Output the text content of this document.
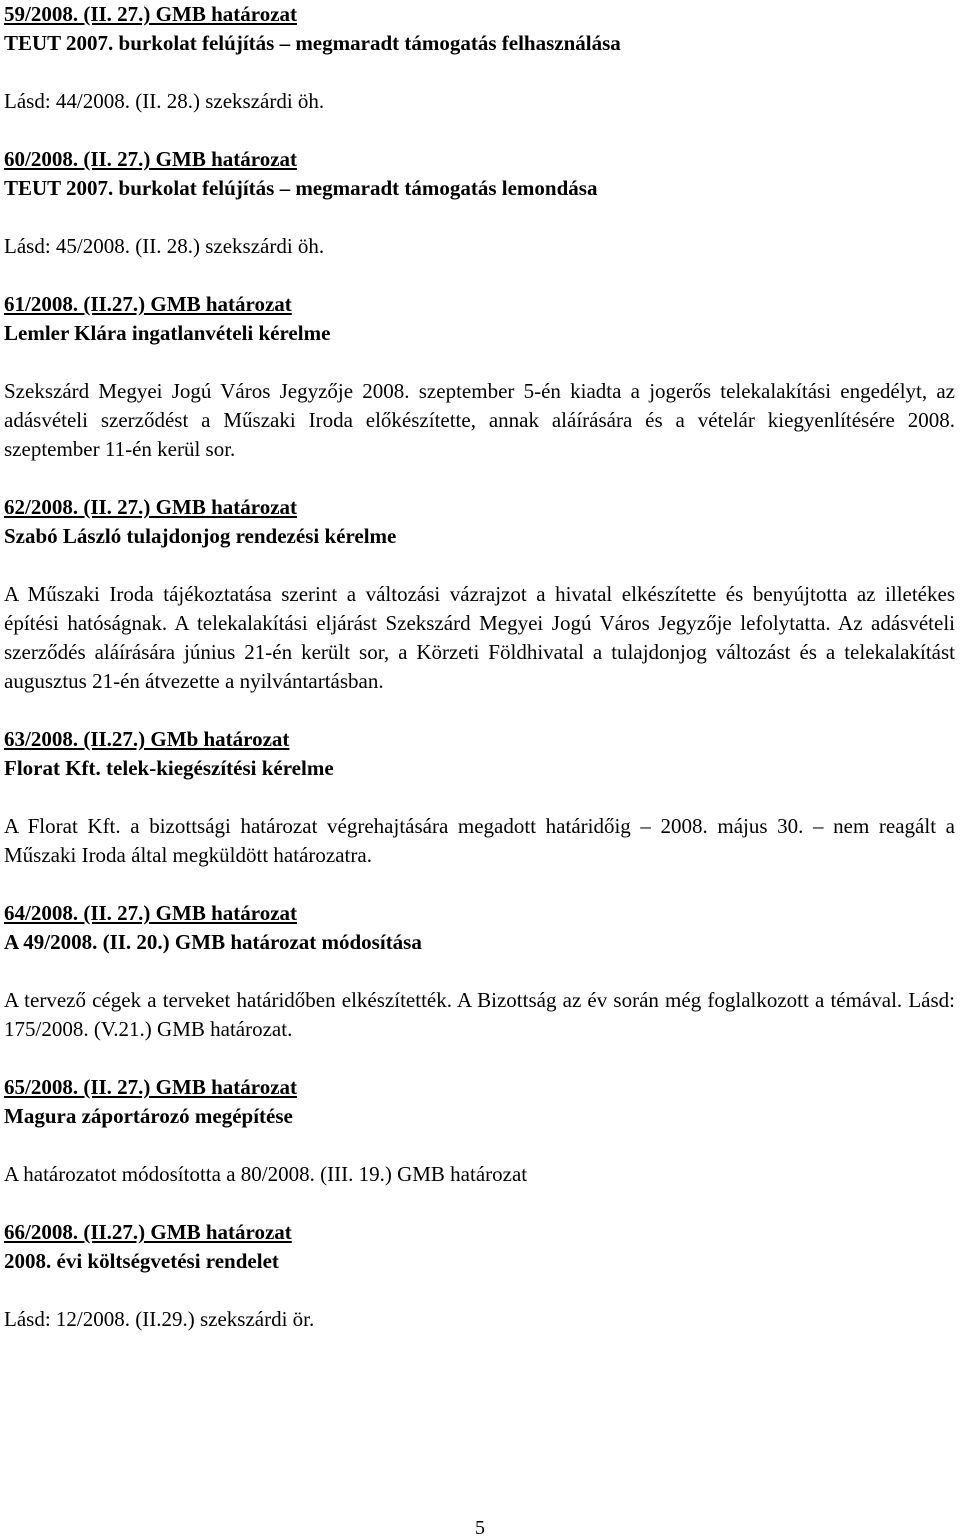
59/2008. (II. 27.) GMB határozat
TEUT 2007. burkolat felújítás – megmaradt támogatás felhasználása
Lásd: 44/2008. (II. 28.) szekszárdi öh.
60/2008. (II. 27.) GMB határozat
TEUT 2007. burkolat felújítás – megmaradt támogatás lemondása
Lásd: 45/2008. (II. 28.) szekszárdi öh.
61/2008. (II.27.) GMB határozat
Lemler Klára ingatlanvételi kérelme
Szekszárd Megyei Jogú Város Jegyzője 2008. szeptember 5-én kiadta a jogerős telekalakítási engedélyt, az adásvételi szerződést a Műszaki Iroda előkészítette, annak aláírására és a vételár kiegyenlítésére 2008. szeptember 11-én kerül sor.
62/2008. (II. 27.) GMB határozat
Szabó László tulajdonjog rendezési kérelme
A Műszaki Iroda tájékoztatása szerint a változási vázrajzot a hivatal elkészítette és benyújtotta az illetékes építési hatóságnak. A telekalakítási eljárást Szekszárd Megyei Jogú Város Jegyzője lefolytatta. Az adásvételi szerződés aláírására június 21-én került sor, a Körzeti Földhivatal a tulajdonjog változást és a telekalakítást augusztus 21-én átvezette a nyilvántartásban.
63/2008. (II.27.) GMb határozat
Florat Kft. telek-kiegészítési kérelme
A Florat Kft. a bizottsági határozat végrehajtására megadott határidőig – 2008. május 30. – nem reagált a Műszaki Iroda által megküldött határozatra.
64/2008. (II. 27.) GMB határozat
A 49/2008. (II. 20.) GMB határozat módosítása
A tervező cégek a terveket határidőben elkészítették. A Bizottság az év során még foglalkozott a témával. Lásd: 175/2008. (V.21.) GMB határozat.
65/2008. (II. 27.) GMB határozat
Magura záportározó megépítése
A határozatot módosította a 80/2008. (III. 19.) GMB határozat
66/2008. (II.27.) GMB határozat
2008. évi költségvetési rendelet
Lásd: 12/2008. (II.29.) szekszárdi ör.
5
